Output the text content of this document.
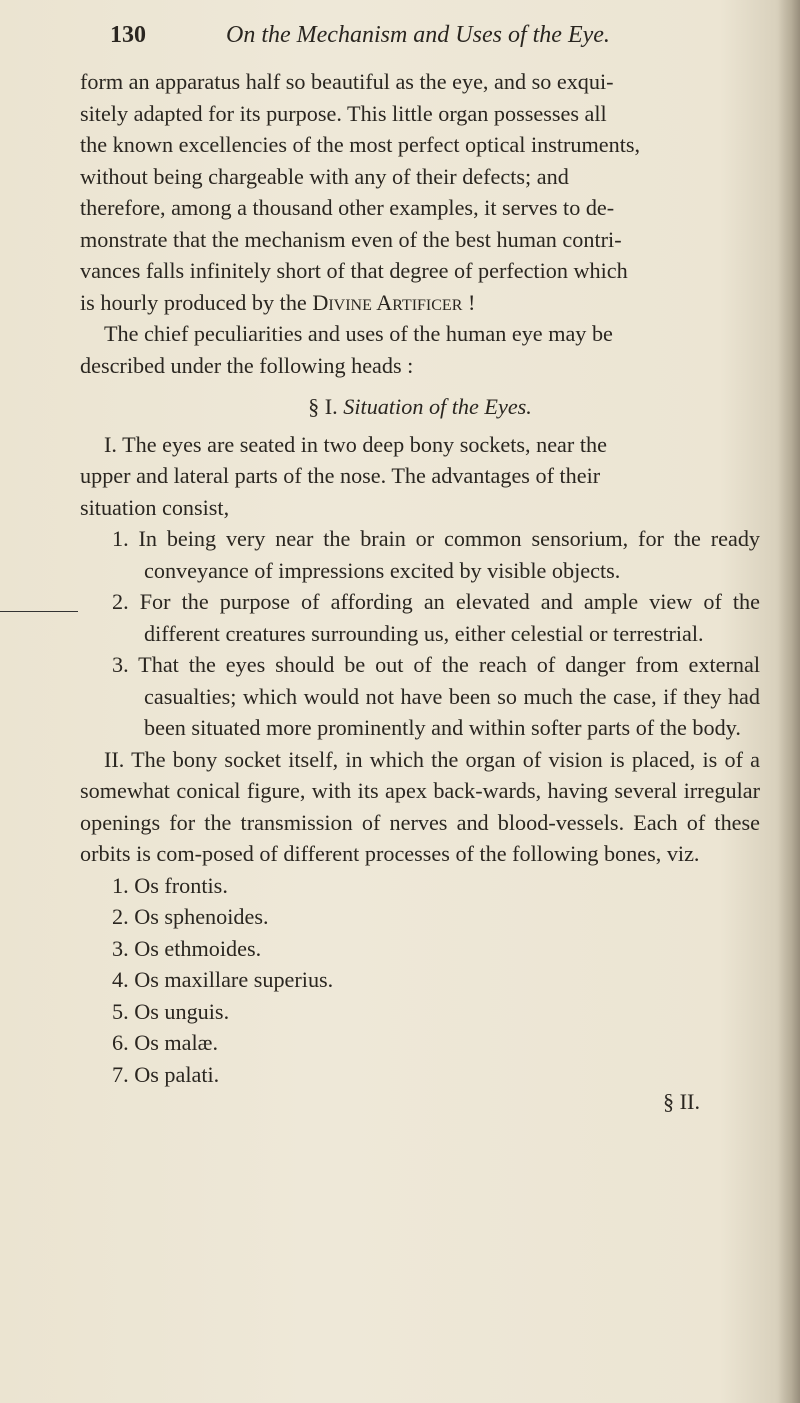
130	On the Mechanism and Uses of the Eye.
form an apparatus half so beautiful as the eye, and so exqui-
sitely adapted for its purpose. This little organ possesses all
the known excellencies of the most perfect optical instruments,
without being chargeable with any of their defects; and
therefore, among a thousand other examples, it serves to de-
monstrate that the mechanism even of the best human contri-
vances falls infinitely short of that degree of perfection which
is hourly produced by the Divine Artificer !
The chief peculiarities and uses of the human eye may be
described under the following heads :
§ I. Situation of the Eyes.
I. The eyes are seated in two deep bony sockets, near the
upper and lateral parts of the nose. The advantages of their
situation consist,

1. In being very near the brain or common sensorium, for the ready conveyance of impressions excited by visible objects.

2. For the purpose of affording an elevated and ample view of the different creatures surrounding us, either celestial or terrestrial.

3. That the eyes should be out of the reach of danger from external casualties; which would not have been so much the case, if they had been situated more prominently and within softer parts of the body.

II. The bony socket itself, in which the organ of vision is placed, is of a somewhat conical figure, with its apex back-wards, having several irregular openings for the transmission of nerves and blood-vessels. Each of these orbits is com-posed of different processes of the following bones, viz.

1. Os frontis.
2. Os sphenoides.
3. Os ethmoides.
4. Os maxillare superius.
5. Os unguis.
6. Os malæ.
7. Os palati.
§ II.
